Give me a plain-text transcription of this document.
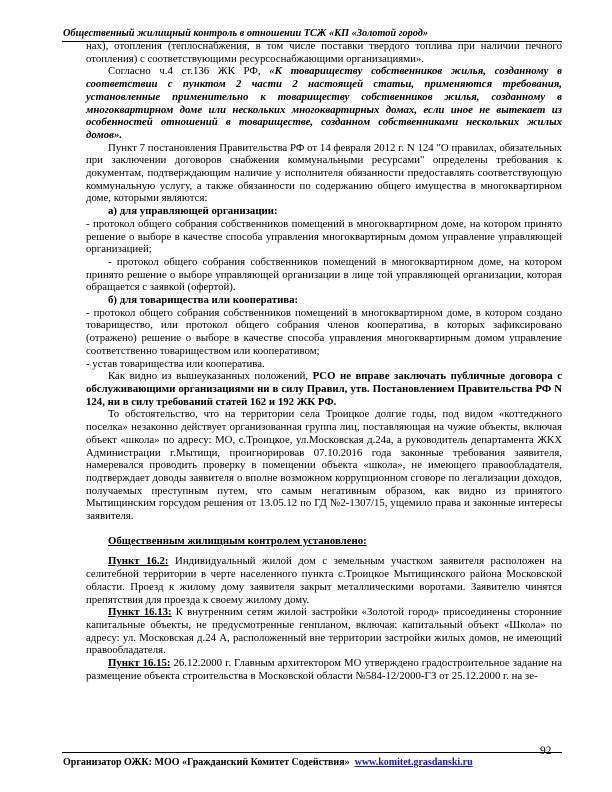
Общественный жилищный контроль в отношении ТСЖ «КП «Золотой город»

нах), отопления (теплоснабжения, в том числе поставки твердого топлива при наличии печного отопления) с соответствующими ресурсоснабжающими организациями».

Согласно ч.4 ст.136 ЖК РФ, «К товариществу собственников жилья, созданному в соответствии с пунктом 2 части 2 настоящей статьи, применяются требования, установленные применительно к товариществу собственников жилья, созданному в многоквартирном доме или нескольких многоквартирных домах, если иное не вытекает из особенностей отношений в товариществе, созданном собственниками нескольких жилых домов».

Пункт 7 постановления Правительства РФ от 14 февраля 2012 г. N 124 "О правилах, обязательных при заключении договоров снабжения коммунальными ресурсами" определены требования к документам, подтверждающим наличие у исполнителя обязанности предоставлять соответствующую коммунальную услугу, а также обязанности по содержанию общего имущества в многоквартирном доме, которыми являются:

а) для управляющей организации:

- протокол общего собрания собственников помещений в многоквартирном доме, на котором принято решение о выборе в качестве способа управления многоквартирным домом управление управляющей организацией;

- протокол общего собрания собственников помещений в многоквартирном доме, на котором принято решение о выборе управляющей организации в лице той управляющей организации, которая обращается с заявкой (офертой).

б) для товарищества или кооператива:

- протокол общего собрания собственников помещений в многоквартирном доме, в котором создано товарищество, или протокол общего собрания членов кооператива, в которых зафиксировано (отражено) решение о выборе в качестве способа управления многоквартирным домом управление соответственно товариществом или кооперативом;

- устав товарищества или кооператива.

Как видно из вышеуказанных положений, РСО не вправе заключать публичные договора с обслуживающими организациями ни в силу Правил, утв. Постановлением Правительства РФ N 124, ни в силу требований статей 162 и 192 ЖК РФ.

То обстоятельство, что на территории села Троицкое долгие годы, под видом «коттеджного поселка» незаконно действует организованная группа лиц, поставляющая на чужие объекты, включая объект «школа» по адресу: МО, с.Троицкое, ул.Московская д.24а, а руководитель департамента ЖКХ Администрации г.Мытищи, проигнорировав 07.10.2016 года законные требования заявителя, намеревался проводить проверку в помещении объекта «школа», не имеющего правообладателя, подтверждает доводы заявителя о вполне возможном коррупционном сговоре по легализации доходов, получаемых преступным путем, что самым негативным образом, как видно из принятого Мытищинским горсудом решения от 13.05.12 по ГД №2-1307/15, ущемило права и законные интересы заявителя.

Общественным жилищным контролем установлено:

Пункт 16.2: Индивидуальный жилой дом с земельным участком заявителя расположен на селитебной территории в черте населенного пункта с.Троицкое Мытищинского района Московской области. Проезд к жилому дому заявителя закрыт металлическими воротами. Заявителю чинятся препятствия для проезда к своему жилому дому.

Пункт 16.13: К внутренним сетям жилой застройки «Золотой город» присоединены сторонние капитальные объекты, не предусмотренные генпланом, включая: капитальный объект «Школа» по адресу: ул. Московская д.24 А, расположенный вне территории застройки жилых домов, не имеющий правообладателя.

Пункт 16.15: 26.12.2000 г. Главным архитектором МО утверждено градостроительное задание на размещение объекта строительства в Московской области №584-12/2000-ГЗ от 25.12.2000 г. на зе-

92
Организатор ОЖК: МОО «Гражданский Комитет Содействия» www.komitet.grasdanski.ru
